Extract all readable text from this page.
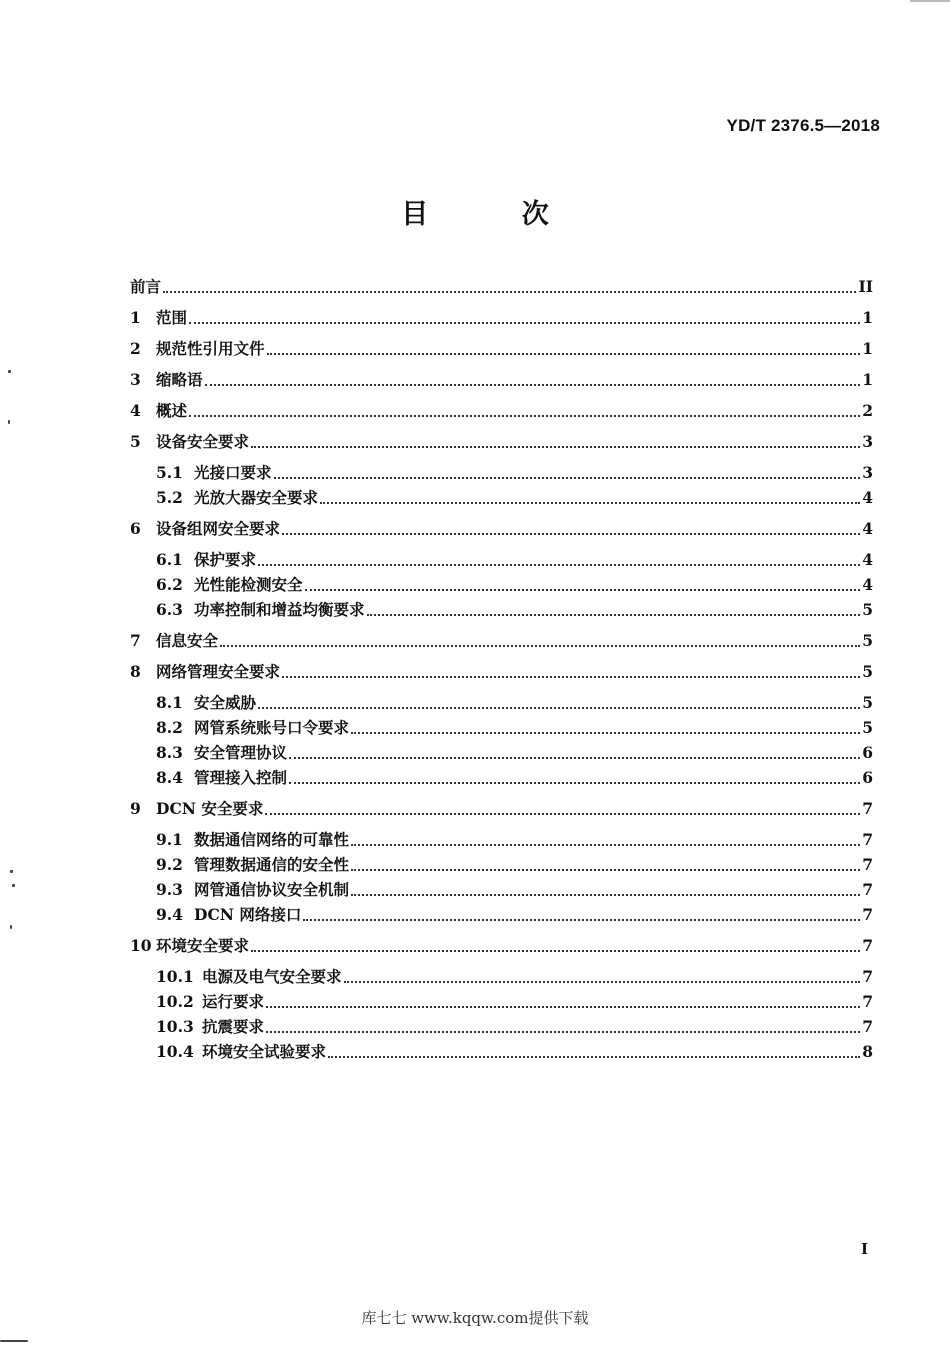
YD/T 2376.5—2018
目 次
前言	II
1 范围	1
2 规范性引用文件	1
3 缩略语	1
4 概述	2
5 设备安全要求	3
5.1 光接口要求	3
5.2 光放大器安全要求	4
6 设备组网安全要求	4
6.1 保护要求	4
6.2 光性能检测安全	4
6.3 功率控制和增益均衡要求	5
7 信息安全	5
8 网络管理安全要求	5
8.1 安全威胁	5
8.2 网管系统账号口令要求	5
8.3 安全管理协议	6
8.4 管理接入控制	6
9 DCN 安全要求	7
9.1 数据通信网络的可靠性	7
9.2 管理数据通信的安全性	7
9.3 网管通信协议安全机制	7
9.4 DCN 网络接口	7
10 环境安全要求	7
10.1 电源及电气安全要求	7
10.2 运行要求	7
10.3 抗震要求	7
10.4 环境安全试验要求	8
I
库七七 www.kqqw.com提供下载
